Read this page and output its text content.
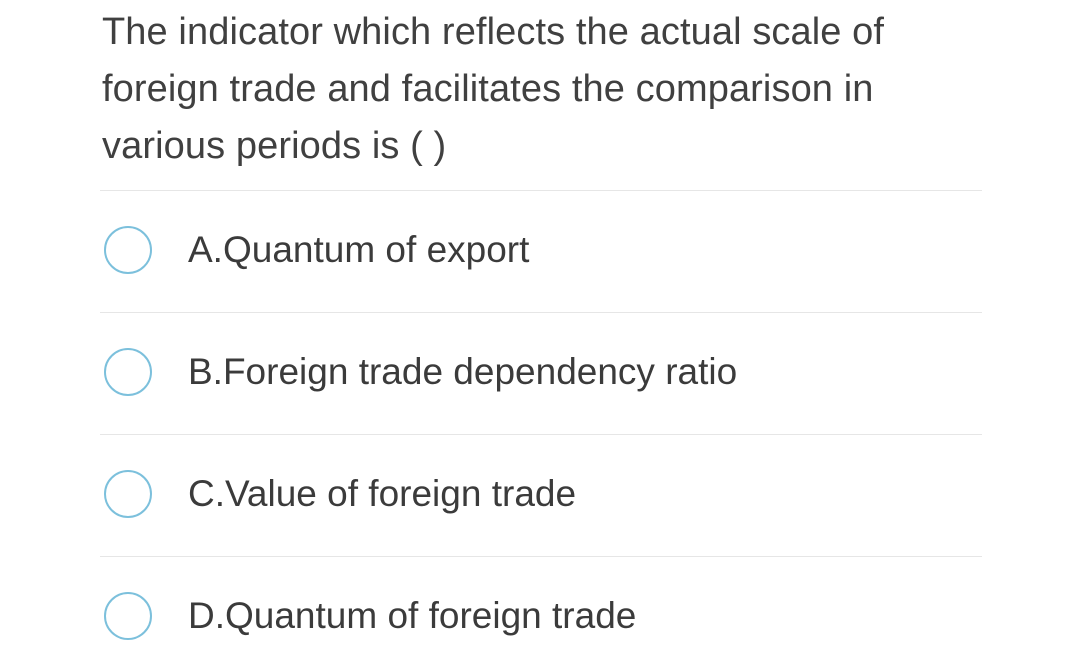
The indicator which reflects the actual scale of foreign trade and facilitates the comparison in various periods is ( )
A.Quantum of export
B.Foreign trade dependency ratio
C.Value of foreign trade
D.Quantum of foreign trade
